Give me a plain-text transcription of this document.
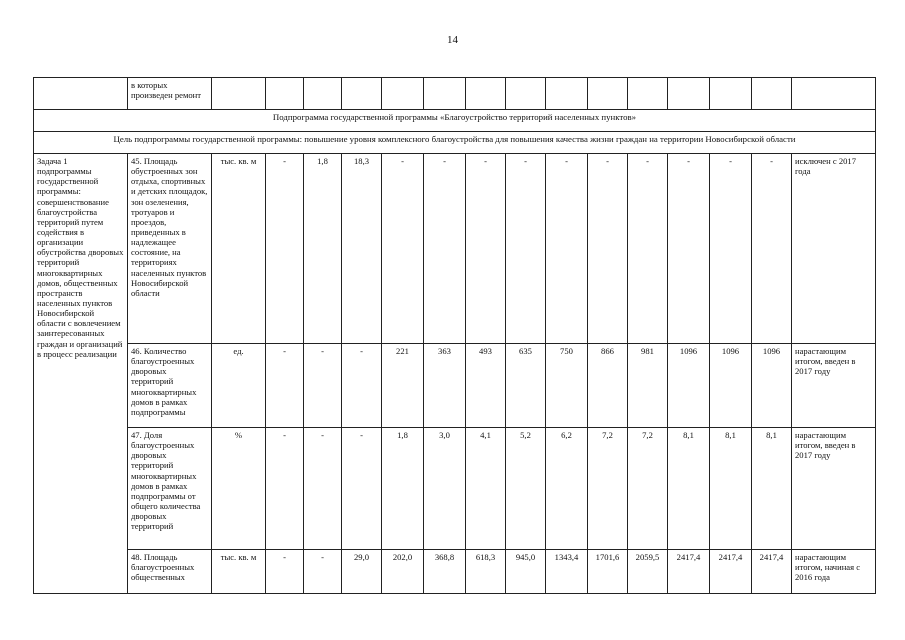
14
	в которых произведен ремонт															
Подпрограмма государственной программы «Благоустройство территорий населенных пунктов»																
Цель подпрограммы государственной программы: повышение уровня комплексного благоустройства для повышения качества жизни граждан на территории Новосибирской области																
Задача 1 подпрограммы государственной программы: совершенствование благоустройства территорий путем содействия в организации обустройства дворовых территорий многоквартирных домов, общественных пространств населенных пунктов Новосибирской области с вовлечением заинтересованных граждан и организаций в процесс реализации	45. Площадь обустроенных зон отдыха, спортивных и детских площадок, зон озеленения, тротуаров и проездов, приведенных в надлежащее состояние, на территориях населенных пунктов Новосибирской области	тыс. кв. м	-	1,8	18,3	-	-	-	-	-	-	-	-	-	-	исключен с 2017 года
	46. Количество благоустроенных дворовых территорий многоквартирных домов в рамках подпрограммы	ед.	-	-	-	221	363	493	635	750	866	981	1096	1096	1096	нарастающим итогом, введен в 2017 году
	47. Доля благоустроенных дворовых территорий многоквартирных домов в рамках подпрограммы от общего количества дворовых территорий	%	-	-	-	1,8	3,0	4,1	5,2	6,2	7,2	7,2	8,1	8,1	8,1	нарастающим итогом, введен в 2017 году
	48. Площадь благоустроенных общественных	тыс. кв. м	-	-	29,0	202,0	368,8	618,3	945,0	1343,4	1701,6	2059,5	2417,4	2417,4	2417,4	нарастающим итогом, начиная с 2016 года
